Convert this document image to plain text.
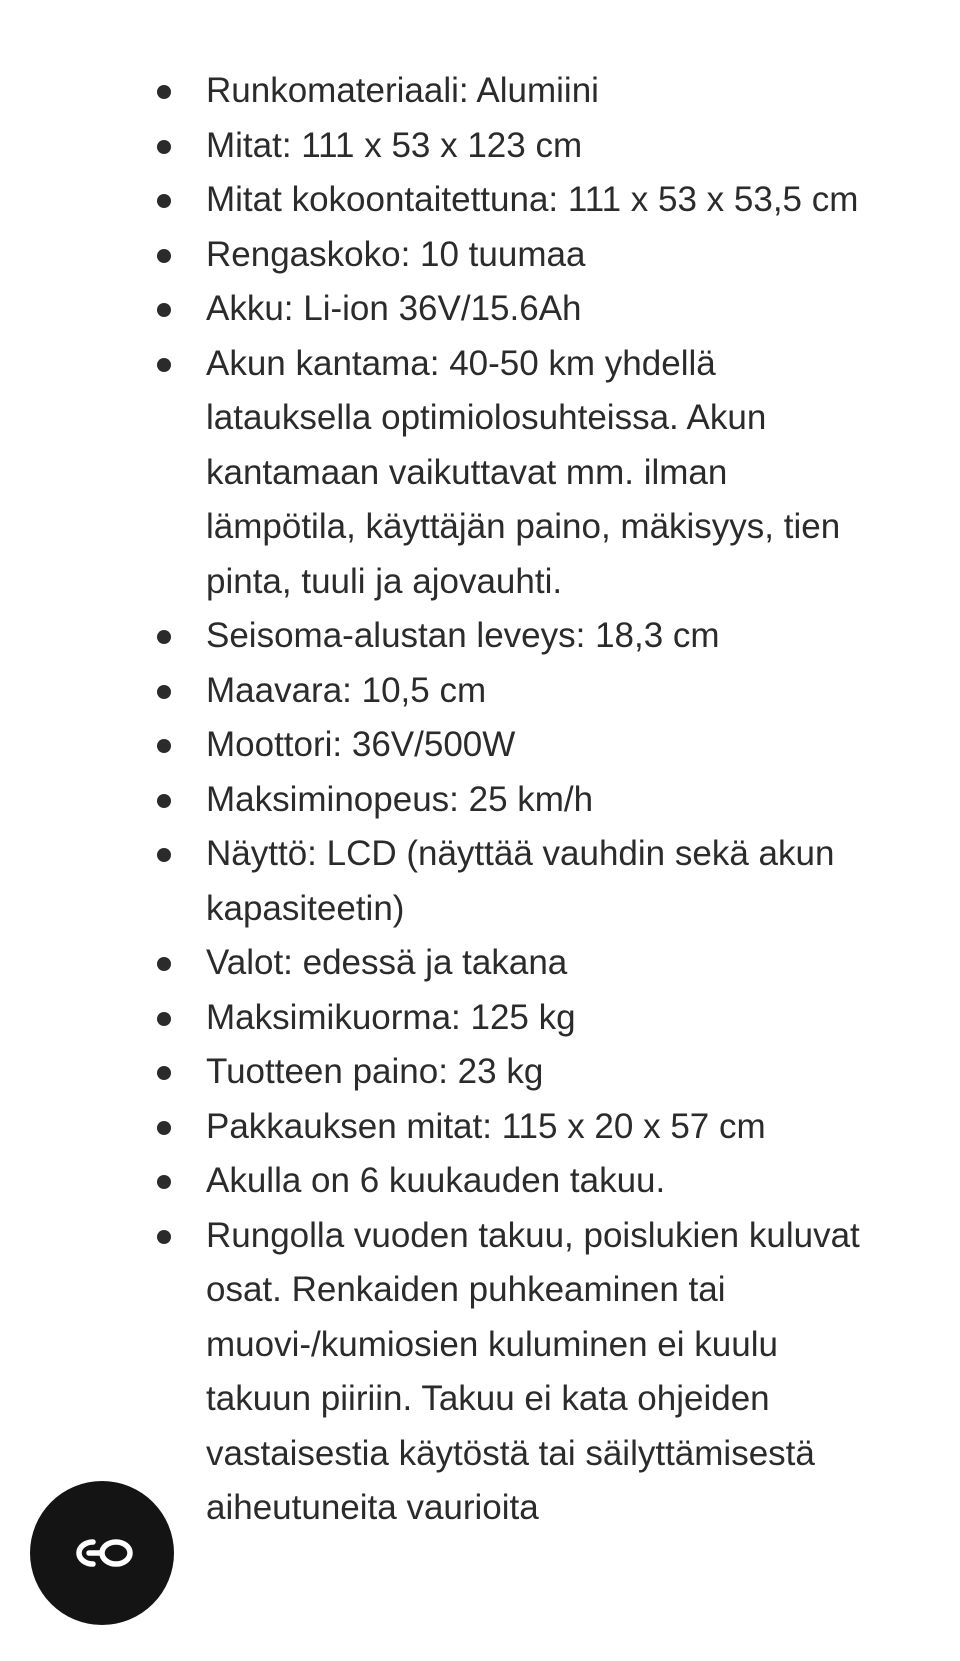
Runkomateriaali: Alumiini
Mitat: 111 x 53 x 123 cm
Mitat kokoontaitettuna: 111 x 53 x 53,5 cm
Rengaskoko: 10 tuumaa
Akku: Li-ion 36V/15.6Ah
Akun kantama: 40-50 km yhdellä latauksella optimiolosuhteissa. Akun kantamaan vaikuttavat mm. ilman lämpötila, käyttäjän paino, mäkisyys, tien pinta, tuuli ja ajovauhti.
Seisoma-alustan leveys: 18,3 cm
Maavara: 10,5 cm
Moottori: 36V/500W
Maksiminopeus: 25 km/h
Näyttö: LCD (näyttää vauhdin sekä akun kapasiteetin)
Valot: edessä ja takana
Maksimikuorma: 125 kg
Tuotteen paino: 23 kg
Pakkauksen mitat: 115 x 20 x 57 cm
Akulla on 6 kuukauden takuu.
Rungolla vuoden takuu, poislukien kuluvat osat. Renkaiden puhkeaminen tai muovi-/kumiosien kuluminen ei kuulu takuun piiriin. Takuu ei kata ohjeiden vastaisestia käytöstä tai säilyttämisestä aiheutuneita vaurioita
